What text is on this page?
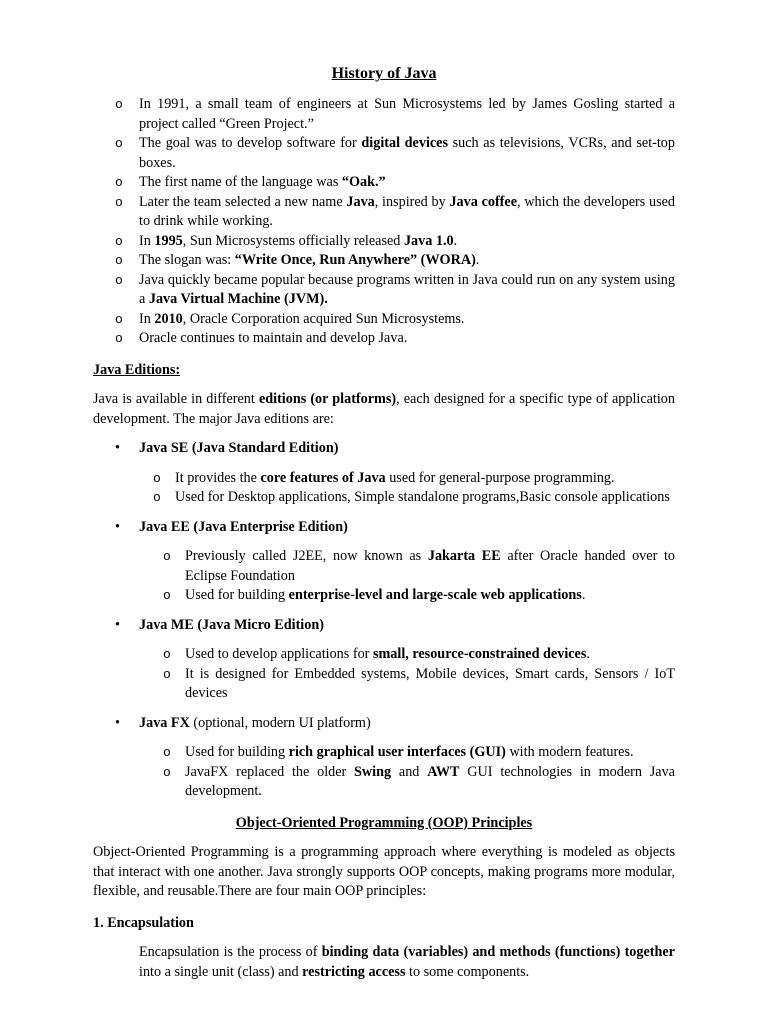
History of Java
o In 1991, a small team of engineers at Sun Microsystems led by James Gosling started a project called “Green Project.”
o The goal was to develop software for digital devices such as televisions, VCRs, and set-top boxes.
o The first name of the language was “Oak.”
o Later the team selected a new name Java, inspired by Java coffee, which the developers used to drink while working.
o In 1995, Sun Microsystems officially released Java 1.0.
o The slogan was: “Write Once, Run Anywhere” (WORA).
o Java quickly became popular because programs written in Java could run on any system using a Java Virtual Machine (JVM).
o In 2010, Oracle Corporation acquired Sun Microsystems.
o Oracle continues to maintain and develop Java.
Java Editions:

Java is available in different editions (or platforms), each designed for a specific type of application development. The major Java editions are:

• Java SE (Java Standard Edition)
o It provides the core features of Java used for general-purpose programming.
o Used for Desktop applications, Simple standalone programs,Basic console applications
• Java EE (Java Enterprise Edition)
o Previously called J2EE, now known as Jakarta EE after Oracle handed over to Eclipse Foundation
o Used for building enterprise-level and large-scale web applications.
• Java ME (Java Micro Edition)
o Used to develop applications for small, resource-constrained devices.
o It is designed for Embedded systems, Mobile devices, Smart cards, Sensors / IoT devices
• Java FX (optional, modern UI platform)
o Used for building rich graphical user interfaces (GUI) with modern features.
o JavaFX replaced the older Swing and AWT GUI technologies in modern Java development.
Object-Oriented Programming (OOP) Principles

Object-Oriented Programming is a programming approach where everything is modeled as objects that interact with one another. Java strongly supports OOP concepts, making programs more modular, flexible, and reusable.There are four main OOP principles:

1. Encapsulation

Encapsulation is the process of binding data (variables) and methods (functions) together into a single unit (class) and restricting access to some components.
